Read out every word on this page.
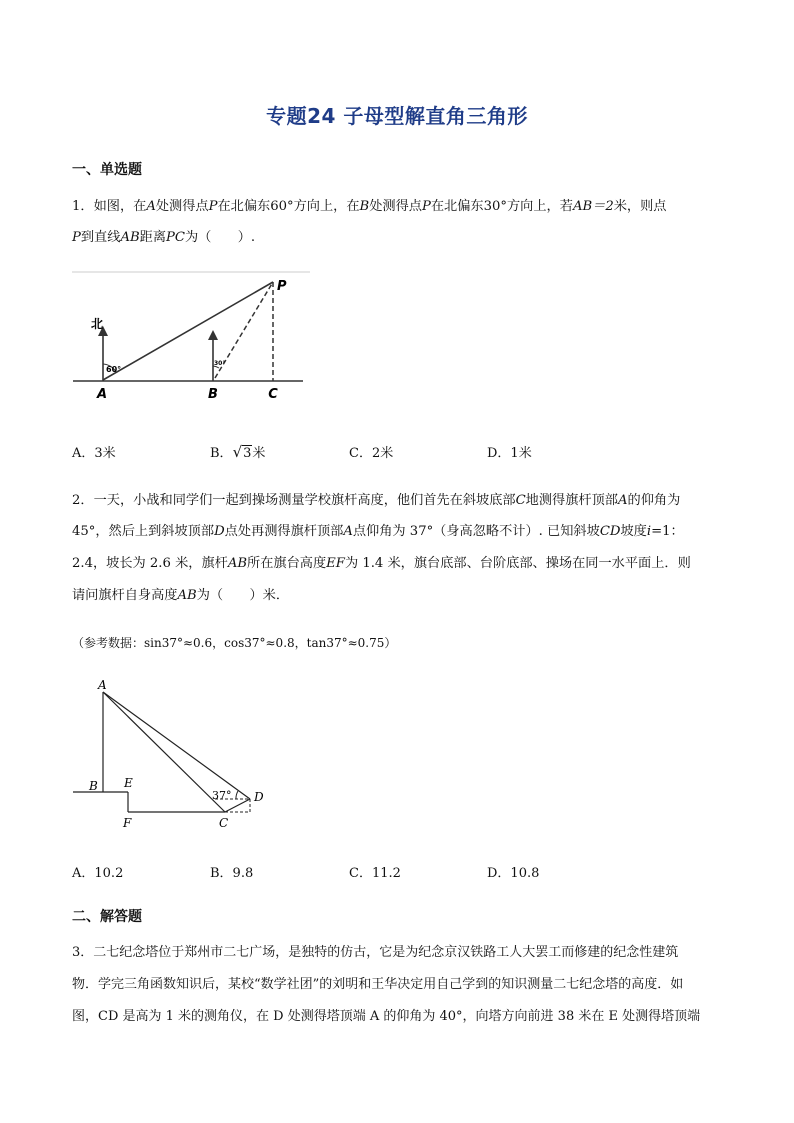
专题24 子母型解直角三角形
一、单选题
1．如图，在A处测得点P在北偏东60°方向上，在B处测得点P在北偏东30°方向上，若AB＝2米，则点
P到直线AB距离PC为（　　）.
北
60°
30°
A	B	C
P
A．3米	B．√3米	C．2米	D．1米
2．一天，小战和同学们一起到操场测量学校旗杆高度，他们首先在斜坡底部C地测得旗杆顶部A的仰角为
45°，然后上到斜坡顶部D点处再测得旗杆顶部A点仰角为 37°（身高忽略不计）. 已知斜坡CD坡度i=1：
2.4，坡长为 2.6 米，旗杆AB所在旗台高度EF为 1.4 米，旗台底部、台阶底部、操场在同一水平面上．则
请问旗杆自身高度AB为（　　）米．
（参考数据：sin37°≈0.6，cos37°≈0.8，tan37°≈0.75）
A
B E
F	C
D
37°
A．10.2	B．9.8	C．11.2	D．10.8
二、解答题
3．二七纪念塔位于郑州市二七广场，是独特的仿古，它是为纪念京汉铁路工人大罢工而修建的纪念性建筑
物．学完三角函数知识后，某校“数学社团”的刘明和王华决定用自己学到的知识测量二七纪念塔的高度．如
图，CD 是高为 1 米的测角仪，在 D 处测得塔顶端 A 的仰角为 40°，向塔方向前进 38 米在 E 处测得塔顶端
